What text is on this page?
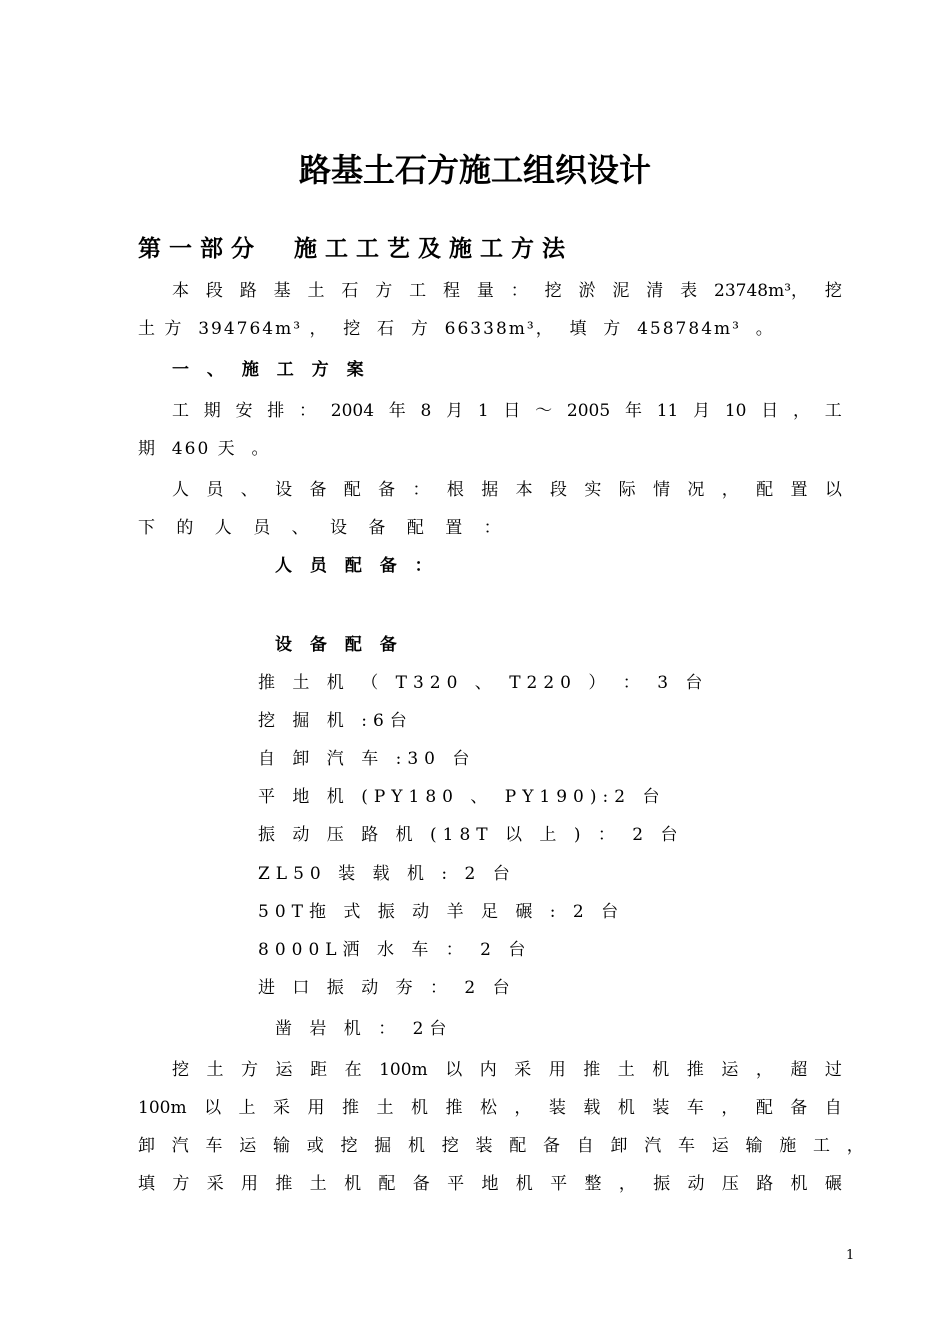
路基土石方施工组织设计
第一部分  施工工艺及施工方法
本 段 路 基 土 石 方 工 程 量 ： 挖 淤 泥 清 表 23748m³， 挖
土 方  394764m³ ，  挖  石  方  66338m³，  填  方  458784m³  。
一 、 施 工 方 案
工 期 安 排 ： 2004 年 8 月 1 日 ～ 2005 年 11 月 10 日 ， 工
期  460 天  。
人 员 、 设 备 配 备 ： 根 据 本 段 实 际 情 况 ， 配 置 以
下 的 人 员 、 设 备 配 置 ：
人 员 配 备 ：
设 备 配 备
推 土 机 （ T320 、 T220 ） ： 3 台
挖 掘 机 :6台
自 卸 汽 车 :30 台
平 地 机 (PY180 、 PY190):2 台
振 动 压 路 机 (18T 以 上 ) ： 2 台
ZL50 装 载 机 : 2 台
50T拖 式 振 动 羊 足 碾 : 2 台
8000L洒 水 车 ： 2 台
进 口 振 动 夯 ： 2 台
凿 岩 机 ： 2台
挖 土 方 运 距 在 100m 以 内 采 用 推 土 机 推 运 ， 超 过
100m 以 上 采 用 推 土 机 推 松 ， 装 载 机 装 车 ， 配 备 自
卸 汽 车 运 输 或 挖 掘 机 挖 装 配 备 自 卸 汽 车 运 输 施 工 ，
填 方 采 用 推 土 机 配 备 平 地 机 平 整 ， 振 动 压 路 机 碾
1
